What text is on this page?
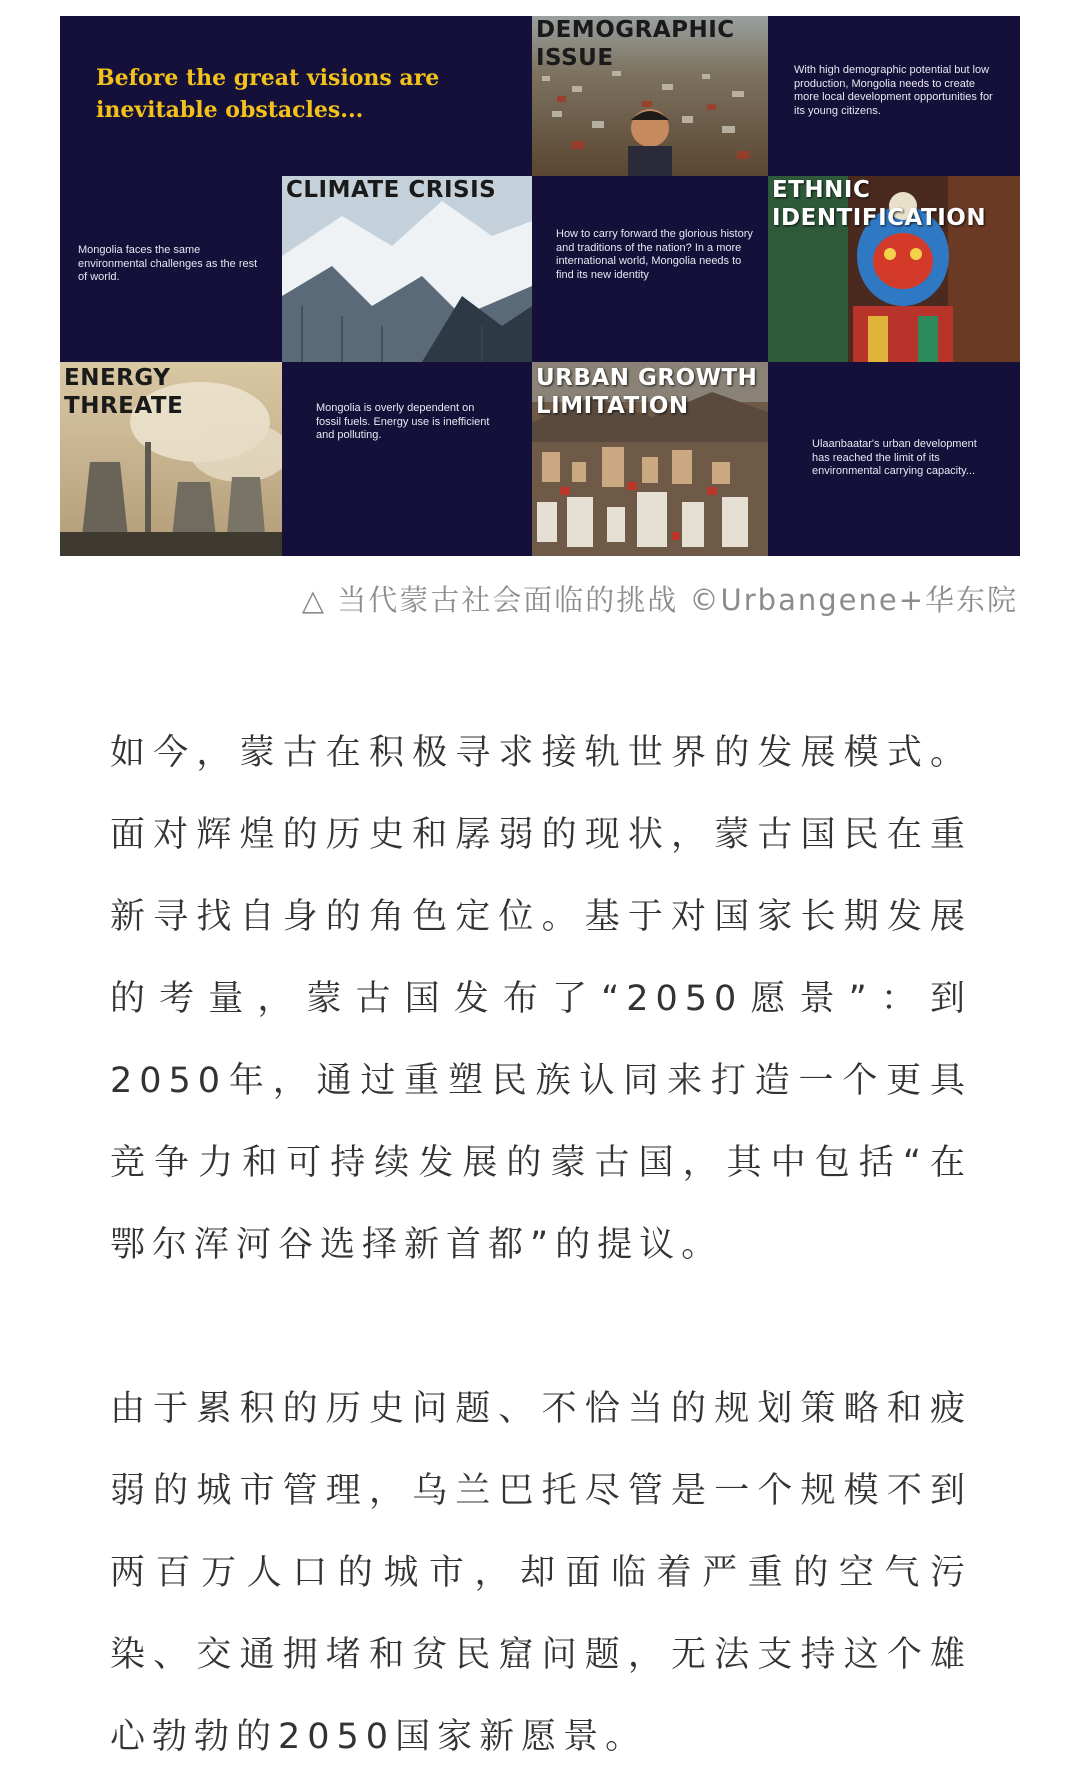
Before the great visions are inevitable obstacles...
DEMOGRAPHIC ISSUE	With high demographic potential but low production, Mongolia needs to create more local development opportunities for its young citizens.
Mongolia faces the same environmental challenges as the rest of world.
CLIMATE CRISIS
How to carry forward the glorious history and traditions of the nation? In a more international world, Mongolia needs to find its new identity
ETHNIC IDENTIFICATION
ENERGY THREATE	Mongolia is overly dependent on fossil fuels. Energy use is inefficient and polluting.
URBAN GROWTH LIMITATION
Ulaanbaatar's urban development has reached the limit of its environmental carrying capacity...
△ 当代蒙古社会面临的挑战 ©Urbangene+华东院

如今，蒙古在积极寻求接轨世界的发展模式。面对辉煌的历史和孱弱的现状，蒙古国民在重新寻找自身的角色定位。基于对国家长期发展的考量，蒙古国发布了“2050愿景”：到2050年，通过重塑民族认同来打造一个更具竞争力和可持续发展的蒙古国，其中包括“在鄂尔浑河谷选择新首都”的提议。

由于累积的历史问题、不恰当的规划策略和疲弱的城市管理，乌兰巴托尽管是一个规模不到两百万人口的城市，却面临着严重的空气污染、交通拥堵和贫民窟问题，无法支持这个雄心勃勃的2050国家新愿景。
